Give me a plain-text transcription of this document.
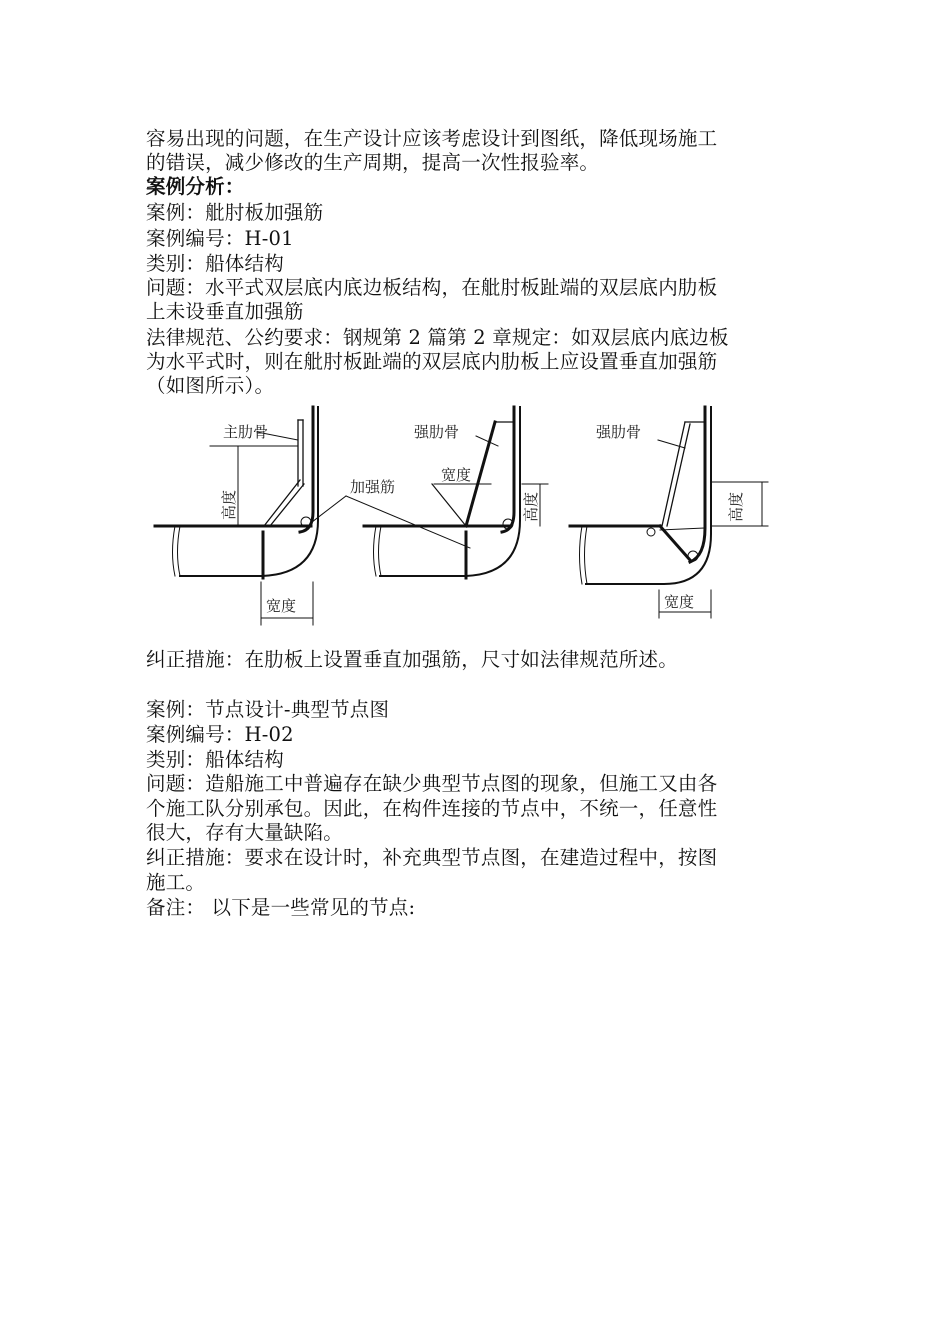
容易出现的问题，在生产设计应该考虑设计到图纸，降低现场施工
的错误，减少修改的生产周期，提高一次性报验率。
案例分析：
案例：舭肘板加强筋
案例编号：H-01
类别：船体结构
问题：水平式双层底内底边板结构，在舭肘板趾端的双层底内肋板
上未设垂直加强筋
法律规范、公约要求：钢规第 2 篇第 2 章规定：如双层底内底边板
为水平式时，则在舭肘板趾端的双层底内肋板上应设置垂直加强筋
（如图所示）。
主肋骨	强肋骨	强肋骨
加强筋
宽度
宽度	宽度
高度	高度	高度
纠正措施：在肋板上设置垂直加强筋，尺寸如法律规范所述。
案例：节点设计-典型节点图
案例编号：H-02
类别：船体结构
问题：造船施工中普遍存在缺少典型节点图的现象，但施工又由各
个施工队分别承包。因此，在构件连接的节点中，不统一，任意性
很大，存有大量缺陷。
纠正措施：要求在设计时，补充典型节点图，在建造过程中，按图
施工。
备注： 以下是一些常见的节点:
